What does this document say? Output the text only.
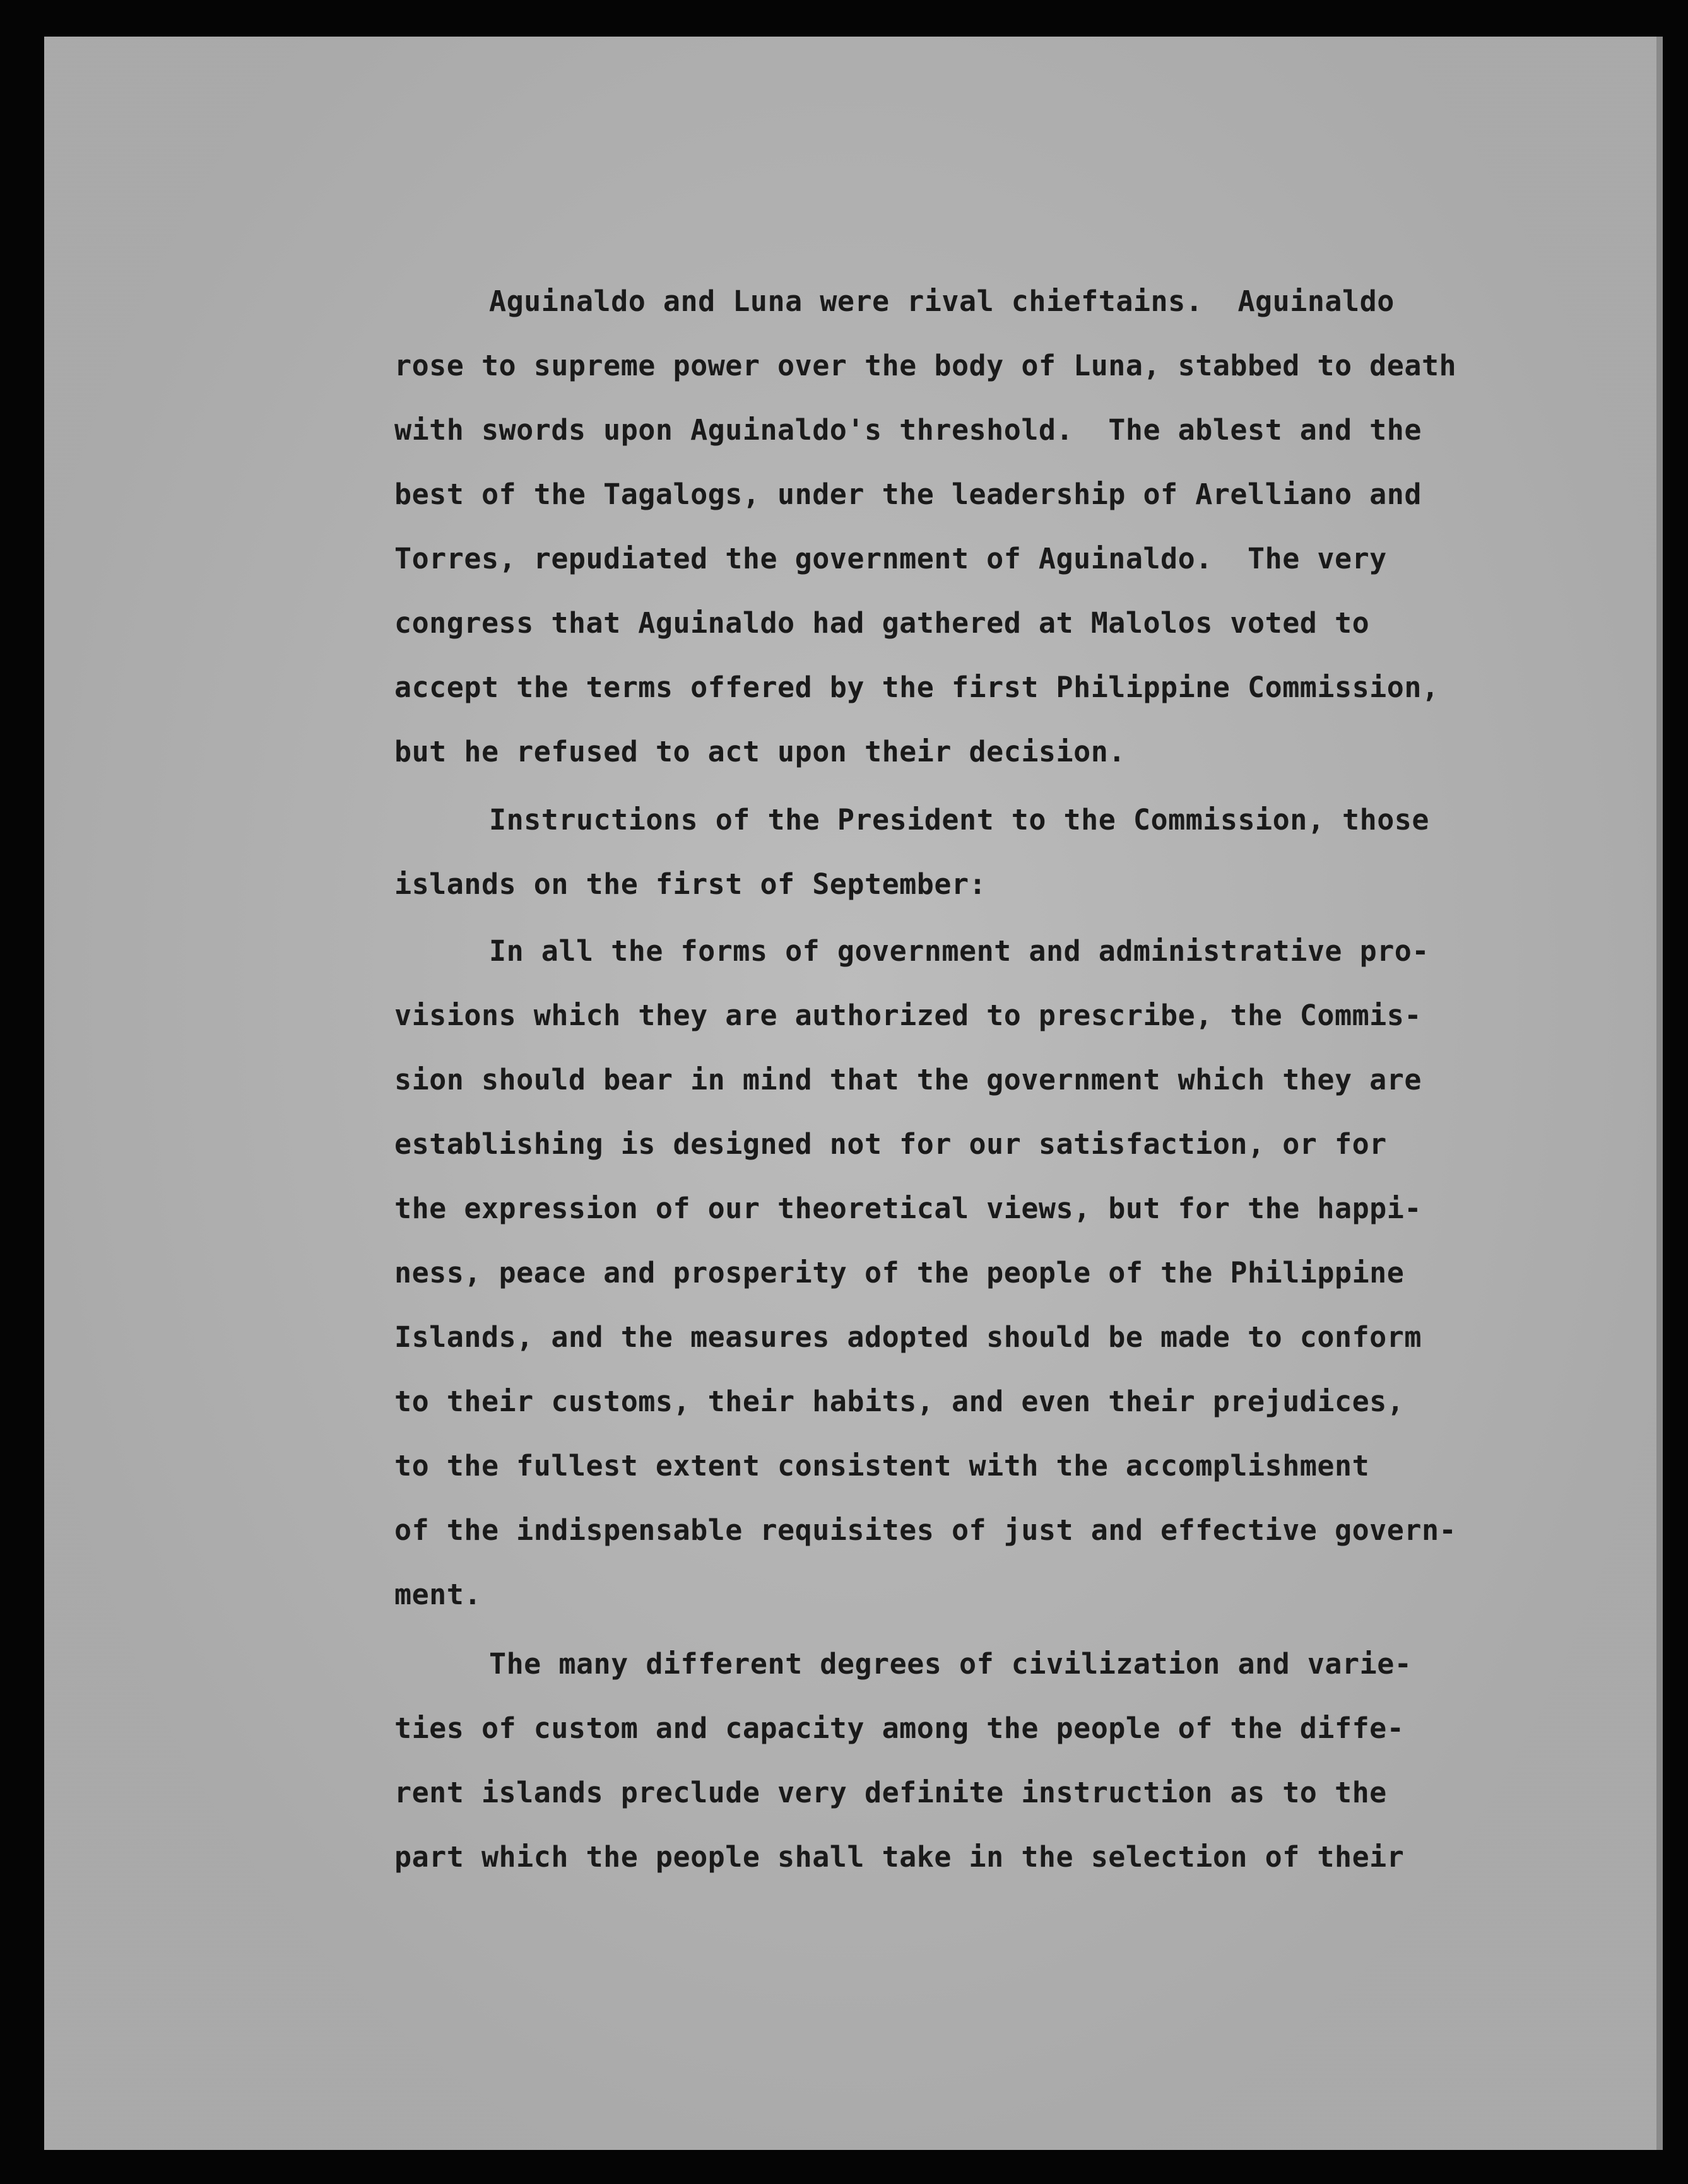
Aguinaldo and Luna were rival chieftains.  Aguinaldo
rose to supreme power over the body of Luna, stabbed to death
with swords upon Aguinaldo's threshold.  The ablest and the
best of the Tagalogs, under the leadership of Arelliano and
Torres, repudiated the government of Aguinaldo.  The very
congress that Aguinaldo had gathered at Malolos voted to
accept the terms offered by the first Philippine Commission,
but he refused to act upon their decision.
Instructions of the President to the Commission, those
islands on the first of September:
In all the forms of government and administrative pro-
visions which they are authorized to prescribe, the Commis-
sion should bear in mind that the government which they are
establishing is designed not for our satisfaction, or for
the expression of our theoretical views, but for the happi-
ness, peace and prosperity of the people of the Philippine
Islands, and the measures adopted should be made to conform
to their customs, their habits, and even their prejudices,
to the fullest extent consistent with the accomplishment
of the indispensable requisites of just and effective govern-
ment.
The many different degrees of civilization and varie-
ties of custom and capacity among the people of the diffe-
rent islands preclude very definite instruction as to the
part which the people shall take in the selection of their
